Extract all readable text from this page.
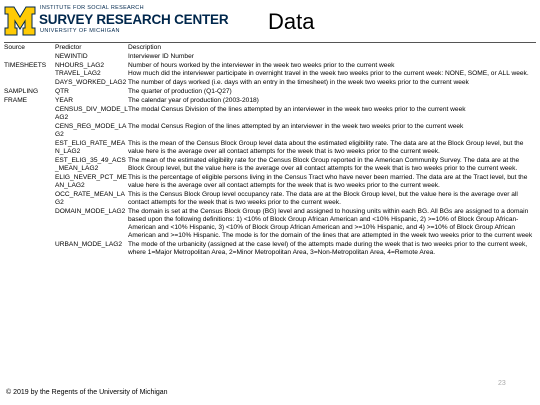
INSTITUTE FOR SOCIAL RESEARCH
SURVEY RESEARCH CENTER
UNIVERSITY OF MICHIGAN	Data
Source	Predictor	Description
	NEWINTID	Interviewer ID Number
TIMESHEETS	NHOURS_LAG2	Number of hours worked by the interviewer in the week two weeks prior to the current week
	TRAVEL_LAG2	How much did the interviewer participate in overnight travel in the week two weeks prior to the current week: NONE, SOME, or ALL week.
	DAYS_WORKED_LAG2	The number of days worked (i.e. days with an entry in the timesheet) in the week two weeks prior to the current week
SAMPLING	QTR	The quarter of production (Q1-Q27)
FRAME	YEAR	The calendar year of production (2003-2018)
	CENSUS_DIV_MODE_LAG2	The modal Census Division of the lines attempted by an interviewer in the week two weeks prior to the current week
	CENS_REG_MODE_LAG2	The modal Census Region of the lines attempted by an interviewer in the week two weeks prior to the current week
	EST_ELIG_RATE_MEAN_LAG2	This is the mean of the Census Block Group level data about the estimated eligibility rate. The data are at the Block Group level, but the value here is the average over all contact attempts for the week that is two weeks prior to the current week.
	EST_ELIG_35_49_ACS_MEAN_LAG2	The mean of the estimated eligibility rate for the Census Block Group reported in the American Community Survey. The data are at the Block Group level, but the value here is the average over all contact attempts for the week that is two weeks prior to the current week.
	ELIG_NEVER_PCT_MEAN_LAG2	This is the percentage of eligible persons living in the Census Tract who have never been married. The data are at the Tract level, but the value here is the average over all contact attempts for the week that is two weeks prior to the current week.
	OCC_RATE_MEAN_LAG2	This is the Census Block Group level occupancy rate. The data are at the Block Group level, but the value here is the average over all contact attempts for the week that is two weeks prior to the current week.
	DOMAIN_MODE_LAG2	The domain is set at the Census Block Group (BG) level and assigned to housing units within each BG. All BGs are assigned to a domain based upon the following definitions: 1) <10% of Block Group African American and <10% Hispanic, 2) >=10% of Block Group African-American and <10% Hispanic, 3) <10% of Block Group African American and >=10% Hispanic, and 4) >=10% of Block Group African American and >=10% Hispanic. The mode is for the domain of the lines that are attempted in the week two weeks prior to the current week
	URBAN_MODE_LAG2	The mode of the urbanicity (assigned at the case level) of the attempts made during the week that is two weeks prior to the current week, where 1=Major Metropolitan Area, 2=Minor Metropolitan Area, 3=Non-Metropolitan Area, 4=Remote Area.
© 2019 by the Regents of the University of Michigan
23
